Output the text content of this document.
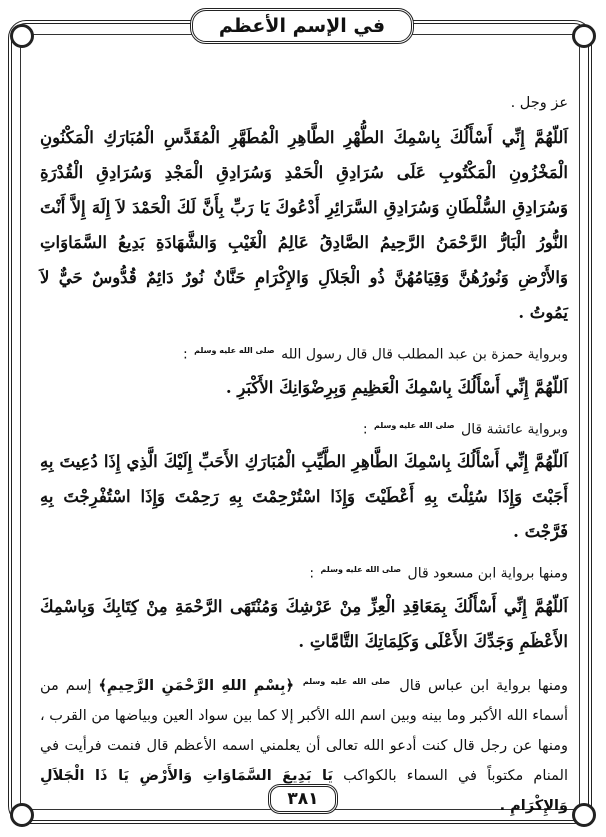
في الإسم الأعظم

عز وجل .

اَللّهُمَّ إِنِّي أَسْأَلُكَ بِاسْمِكَ الطُّهْرِ الطَّاهِرِ الْمُطَهَّرِ الْمُقَدَّسِ الْمُبَارَكِ الْمَكْنُونِ الْمَخْزُونِ الْمَكْتُوبِ عَلَى سُرَادِقِ الْحَمْدِ وَسُرَادِقِ الْمَجْدِ وَسُرَادِقِ الْقُدْرَةِ وَسُرَادِقِ السُّلْطَانِ وَسُرَادِقِ السَّرَائِرِ أَدْعُوكَ يَا رَبِّ بِأَنَّ لَكَ الْحَمْدَ لاَ إِلَهَ إِلاَّ أَنْتَ النُّورُ الْبَارُّ الرَّحْمَنُ الرَّحِيمُ الصَّادِقُ عَالِمُ الْغَيْبِ وَالشَّهَادَةِ بَدِيعُ السَّمَاوَاتِ وَالأَرْضِ وَنُورُهُنَّ وَقِيَامُهُنَّ ذُو الْجَلاَلِ وَالإِكْرَامِ حَنَّانٌ نُورٌ دَائِمٌ قُدُّوسٌ حَيٌّ لاَ يَمُوتُ .

وبرواية حمزة بن عبد المطلب قال قال رسول الله $^{صلى الله عليه وسلم}$ :

اَللّهُمَّ إِنِّي أَسْأَلُكَ بِاسْمِكَ الْعَظِيمِ وَبِرِضْوَانِكَ الأَكْبَرِ .

وبرواية عائشة قال $^{صلى الله عليه وسلم}$ :

اَللّهُمَّ إِنِّي أَسْأَلُكَ بِاسْمِكَ الطَّاهِرِ الطَّيِّبِ الْمُبَارَكِ الأَحَبِّ إِلَيْكَ الَّذِي إِذَا دُعِيتَ بِهِ أَجَبْتَ وَإِذَا سُئِلْتَ بِهِ أَعْطَيْتَ وَإِذَا اسْتُرْحِمْتَ بِهِ رَحِمْتَ وَإِذَا اسْتُفْرِجْتَ بِهِ فَرَّجْتَ .

ومنها برواية ابن مسعود قال $^{صلى الله عليه وسلم}$ :

اَللّهُمَّ إِنِّي أَسْأَلُكَ بِمَعَاقِدِ الْعِزِّ مِنْ عَرْشِكَ وَمُنْتَهَى الرَّحْمَةِ مِنْ كِتَابِكَ وَبِاسْمِكَ الأَعْظَمِ وَجَدِّكَ الأَعْلَى وَكَلِمَاتِكَ التَّامَّاتِ .

ومنها برواية ابن عباس قال $^{صلى الله عليه وسلم}$ ﴿بِسْمِ اللهِ الرَّحْمَنِ الرَّحِيمِ﴾ إسم من أسماء الله الأكبر وما بينه وبين اسم الله الأكبر إلا كما بين سواد العين وبياضها من القرب ، ومنها عن رجل قال كنت أدعو الله تعالى أن يعلمني اسمه الأعظم قال فنمت فرأيت في المنام مكتوباً في السماء بالكواكب يَا بَدِيعَ السَّمَاوَاتِ وَالأَرْضِ يَا ذَا الْجَلاَلِ وَالإِكْرَامِ .

٣٨١
